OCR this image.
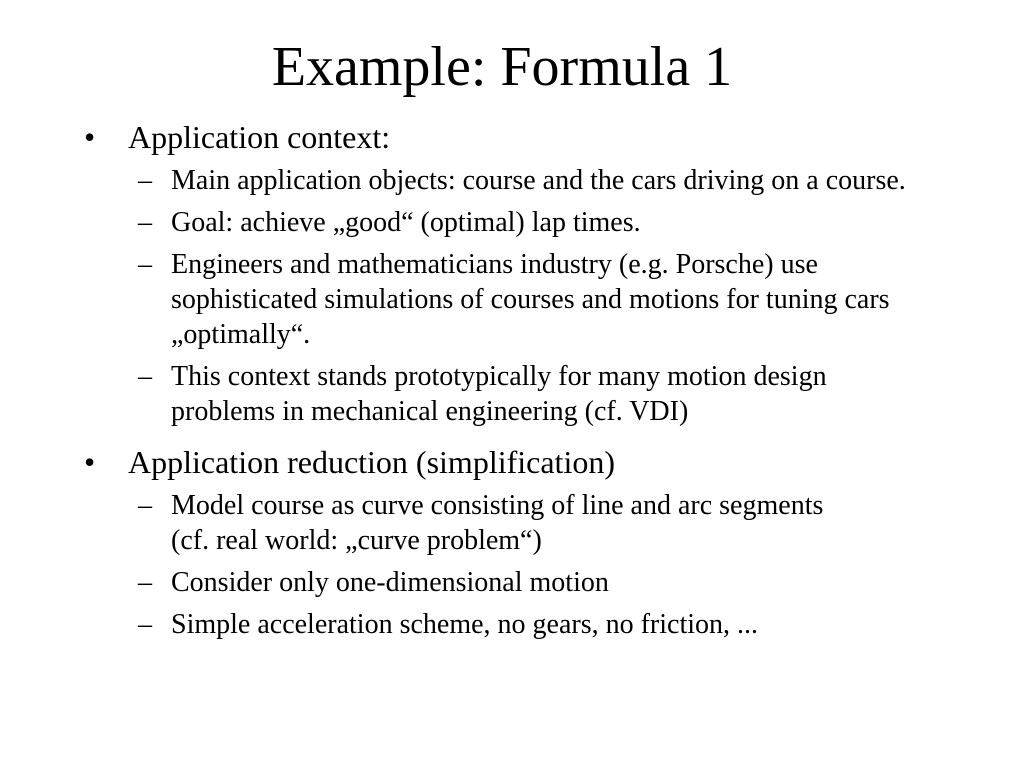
Example: Formula 1
• Application context:
– Main application objects: course and the cars driving on a course.
– Goal: achieve „good“ (optimal) lap times.
– Engineers and mathematicians industry (e.g. Porsche) use sophisticated simulations of courses and motions for tuning cars „optimally“.
– This context stands prototypically for many motion design problems in mechanical engineering (cf. VDI)
• Application reduction (simplification)
– Model course as curve consisting of line and arc segments (cf. real world: „curve problem“)
– Consider only one-dimensional motion
– Simple acceleration scheme, no gears, no friction, ...
